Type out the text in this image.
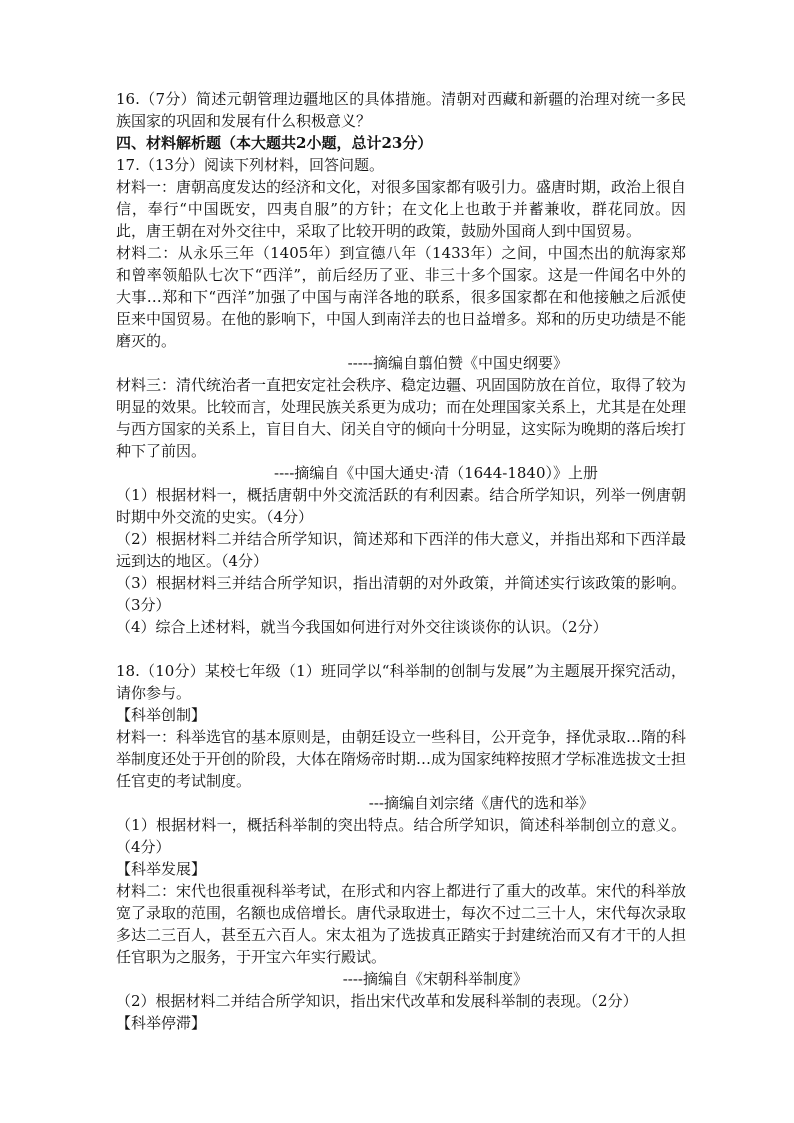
16.（7分）简述元朝管理边疆地区的具体措施。清朝对西藏和新疆的治理对统一多民族国家的巩固和发展有什么积极意义？

四、材料解析题（本大题共2小题，总计23分）

17.（13分）阅读下列材料，回答问题。

材料一：唐朝高度发达的经济和文化，对很多国家都有吸引力。盛唐时期，政治上很自信，奉行“中国既安，四夷自服”的方针；在文化上也敢于并蓄兼收，群花同放。因此，唐王朝在对外交往中，采取了比较开明的政策，鼓励外国商人到中国贸易。

材料二：从永乐三年（1405年）到宣德八年（1433年）之间，中国杰出的航海家郑和曾率领船队七次下“西洋”，前后经历了亚、非三十多个国家。这是一件闻名中外的大事…郑和下“西洋”加强了中国与南洋各地的联系，很多国家都在和他接触之后派使臣来中国贸易。在他的影响下，中国人到南洋去的也日益增多。郑和的历史功绩是不能磨灭的。

-----摘编自翦伯赞《中国史纲要》

材料三：清代统治者一直把安定社会秩序、稳定边疆、巩固国防放在首位，取得了较为明显的效果。比较而言，处理民族关系更为成功；而在处理国家关系上，尤其是在处理与西方国家的关系上，盲目自大、闭关自守的倾向十分明显，这实际为晚期的落后埃打种下了前因。

----摘编自《中国大通史·清（1644-1840）》上册

（1）根据材料一，概括唐朝中外交流活跃的有利因素。结合所学知识，列举一例唐朝时期中外交流的史实。（4分）

（2）根据材料二并结合所学知识，简述郑和下西洋的伟大意义，并指出郑和下西洋最远到达的地区。（4分）

（3）根据材料三并结合所学知识，指出清朝的对外政策，并简述实行该政策的影响。（3分）

（4）综合上述材料，就当今我国如何进行对外交往谈谈你的认识。（2分）

18.（10分）某校七年级（1）班同学以“科举制的创制与发展”为主题展开探究活动，请你参与。

【科举创制】

材料一：科举选官的基本原则是，由朝廷设立一些科目，公开竞争，择优录取…隋的科举制度还处于开创的阶段，大体在隋炀帝时期…成为国家纯粹按照才学标准选拔文士担任官吏的考试制度。

---摘编自刘宗绪《唐代的选和举》

（1）根据材料一，概括科举制的突出特点。结合所学知识，简述科举制创立的意义。（4分）

【科举发展】

材料二：宋代也很重视科举考试，在形式和内容上都进行了重大的改革。宋代的科举放宽了录取的范围，名额也成倍增长。唐代录取进士，每次不过二三十人，宋代每次录取多达二三百人，甚至五六百人。宋太祖为了选拔真正踏实于封建统治而又有才干的人担任官职为之服务，于开宝六年实行殿试。

----摘编自《宋朝科举制度》

（2）根据材料二并结合所学知识，指出宋代改革和发展科举制的表现。（2分）

【科举停滞】
